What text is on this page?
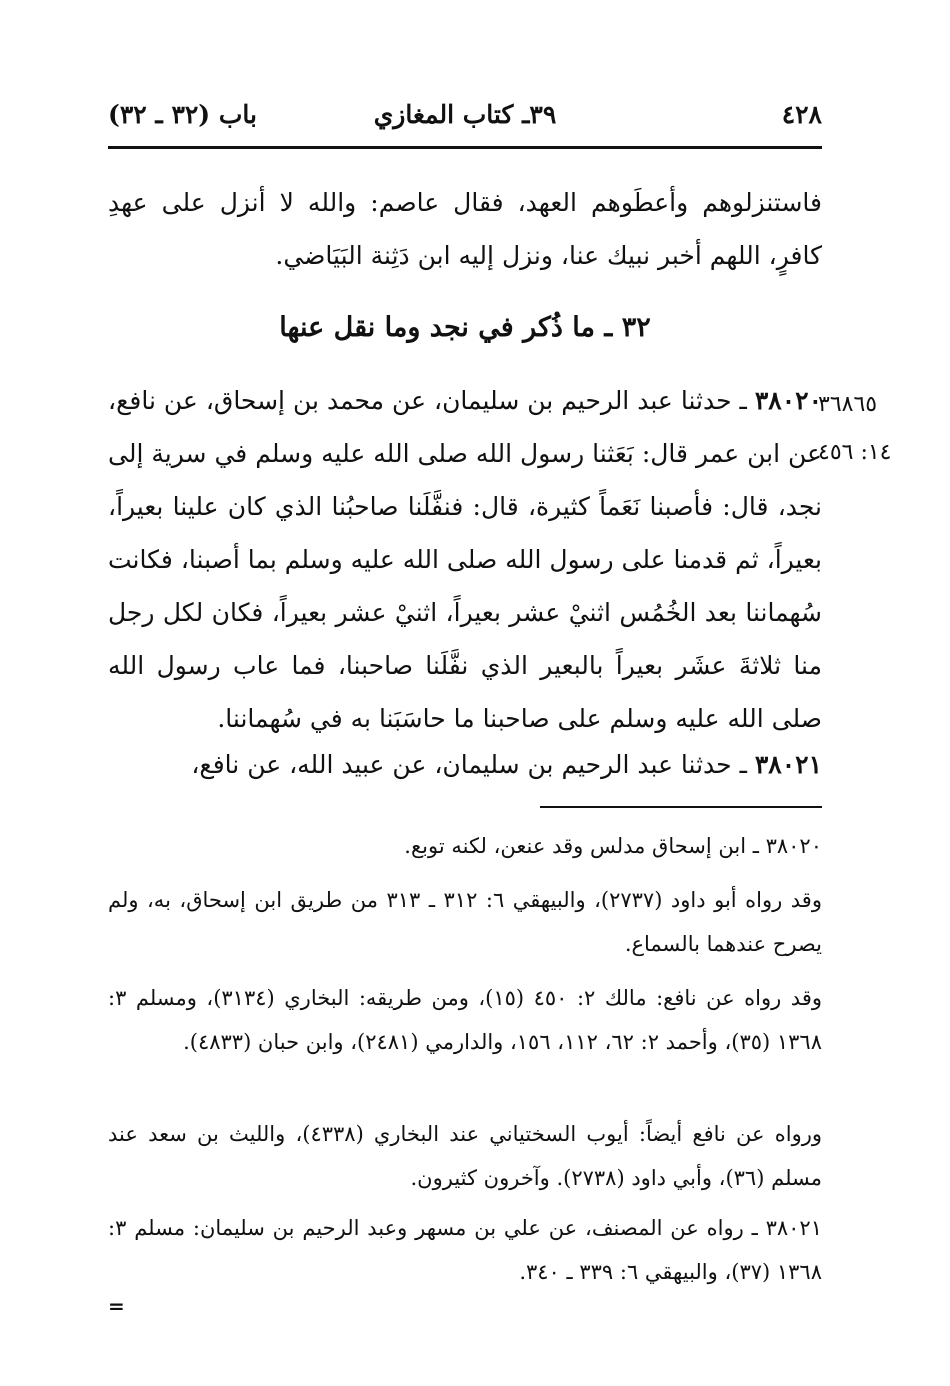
٤٢٨
٣٩ـ كتاب المغازي
باب (٣٢ ـ ٣٢)
فاستنزلوهم وأعطَوهم العهد، فقال عاصم: والله لا أنزل على عهدِ كافرٍ، اللهم أخبر نبيك عنا، ونزل إليه ابن دَثِنة البَيَاضي.
٣٢ ـ ما ذُكر في نجد وما نقل عنها
٣٨٠٢٠ ـ حدثنا عبد الرحيم بن سليمان، عن محمد بن إسحاق، عن نافع، عن ابن عمر قال: بَعَثنا رسول الله صلى الله عليه وسلم في سرية إلى نجد، قال: فأصبنا نَعَماً كثيرة، قال: فنفَّلَنا صاحبُنا الذي كان علينا بعيراً، بعيراً، ثم قدمنا على رسول الله صلى الله عليه وسلم بما أصبنا، فكانت سُهماننا بعد الخُمُس اثنيْ عشر بعيراً، اثنيْ عشر بعيراً، فكان لكل رجل منا ثلاثةَ عشَر بعيراً بالبعير الذي نفَّلَنا صاحبنا، فما عاب رسول الله صلى الله عليه وسلم على صاحبنا ما حاسَبَنا به في سُهماننا.
٣٦٨٦٥
١٤: ٤٥٦
٣٨٠٢١ ـ حدثنا عبد الرحيم بن سليمان، عن عبيد الله، عن نافع،
٣٨٠٢٠ ـ ابن إسحاق مدلس وقد عنعن، لكنه توبع.
وقد رواه أبو داود (٢٧٣٧)، والبيهقي ٦: ٣١٢ ـ ٣١٣ من طريق ابن إسحاق، به، ولم يصرح عندهما بالسماع.
وقد رواه عن نافع: مالك ٢: ٤٥٠ (١٥)، ومن طريقه: البخاري (٣١٣٤)، ومسلم ٣: ١٣٦٨ (٣٥)، وأحمد ٢: ٦٢، ١١٢، ١٥٦، والدارمي (٢٤٨١)، وابن حبان (٤٨٣٣).
ورواه عن نافع أيضاً: أيوب السختياني عند البخاري (٤٣٣٨)، والليث بن سعد عند مسلم (٣٦)، وأبي داود (٢٧٣٨). وآخرون كثيرون.
٣٨٠٢١ ـ رواه عن المصنف، عن علي بن مسهر وعبد الرحيم بن سليمان: مسلم ٣: ١٣٦٨ (٣٧)، والبيهقي ٦: ٣٣٩ ـ ٣٤٠.
=
